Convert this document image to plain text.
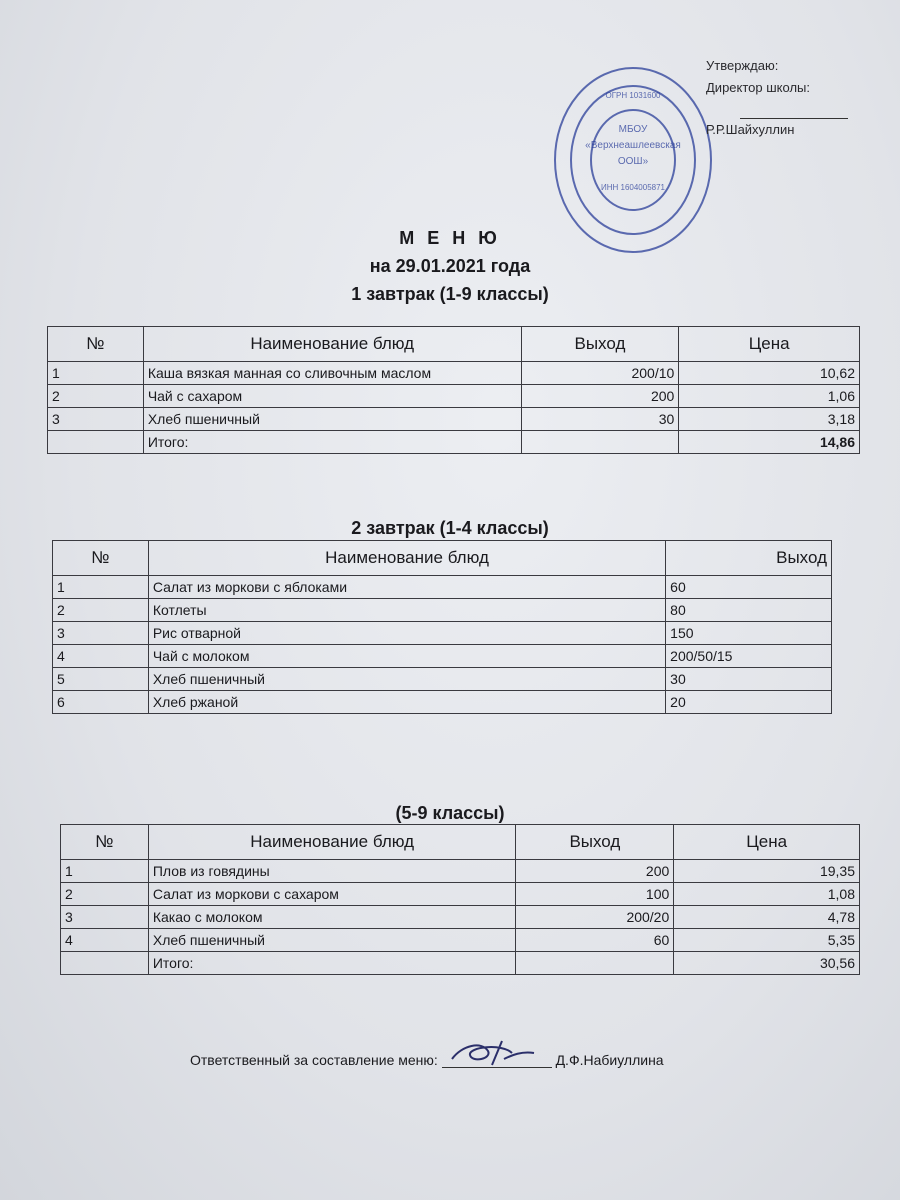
МБОУ
«Верхнеашлеевская
ООШ»
ИНН 1604005871
ОГРН 1031600
Утверждаю:
Директор школы:
Р.Р.Шайхуллин
М Е Н Ю
на 29.01.2021 года
1 завтрак (1-9 классы)
№	Наименование блюд	Выход	Цена
1	Каша вязкая манная со сливочным маслом	200/10	10,62
2	Чай с сахаром	200	1,06
3	Хлеб пшеничный	30	3,18
	Итого:		14,86
2 завтрак (1-4 классы)
№	Наименование блюд	Выход
1	Салат из моркови с яблоками	60
2	Котлеты	80
3	Рис отварной	150
4	Чай с молоком	200/50/15
5	Хлеб пшеничный	30
6	Хлеб ржаной	20
(5-9 классы)
№	Наименование блюд	Выход	Цена
1	Плов из говядины	200	19,35
2	Салат из моркови с сахаром	100	1,08
3	Какао с молоком	200/20	4,78
4	Хлеб пшеничный	60	5,35
	Итого:		30,56
Ответственный за составление меню:	Д.Ф.Набиуллина
